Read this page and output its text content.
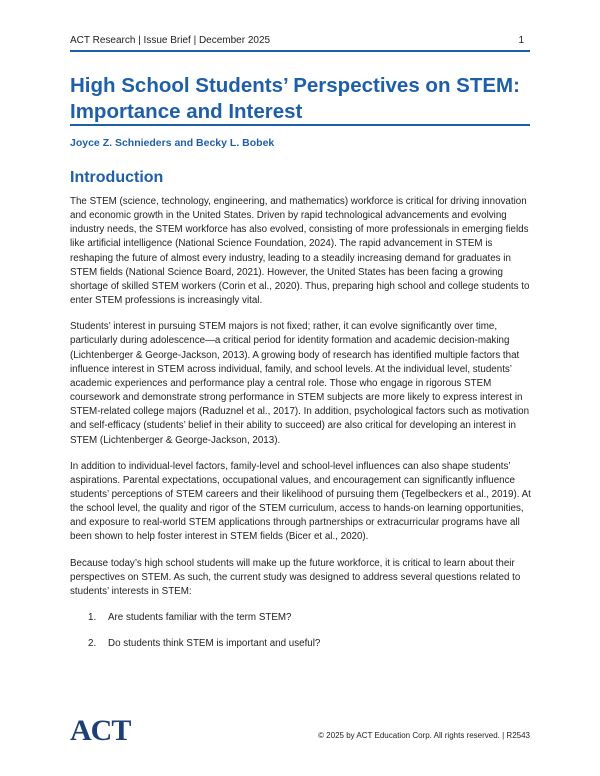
ACT Research | Issue Brief | December 2025	1
High School Students’ Perspectives on STEM:
Importance and Interest

Joyce Z. Schnieders and Becky L. Bobek

Introduction

The STEM (science, technology, engineering, and mathematics) workforce is critical for driving innovation and economic growth in the United States. Driven by rapid technological advancements and evolving industry needs, the STEM workforce has also evolved, consisting of more professionals in emerging fields like artificial intelligence (National Science Foundation, 2024). The rapid advancement in STEM is reshaping the future of almost every industry, leading to a steadily increasing demand for graduates in STEM fields (National Science Board, 2021). However, the United States has been facing a growing shortage of skilled STEM workers (Corin et al., 2020). Thus, preparing high school and college students to enter STEM professions is increasingly vital.

Students’ interest in pursuing STEM majors is not fixed; rather, it can evolve significantly over time, particularly during adolescence—a critical period for identity formation and academic decision-making (Lichtenberger & George-Jackson, 2013). A growing body of research has identified multiple factors that influence interest in STEM across individual, family, and school levels. At the individual level, students’ academic experiences and performance play a central role. Those who engage in rigorous STEM coursework and demonstrate strong performance in STEM subjects are more likely to express interest in STEM-related college majors (Raduznel et al., 2017). In addition, psychological factors such as motivation and self-efficacy (students’ belief in their ability to succeed) are also critical for developing an interest in STEM (Lichtenberger & George-Jackson, 2013).

In addition to individual-level factors, family-level and school-level influences can also shape students’ aspirations. Parental expectations, occupational values, and encouragement can significantly influence students’ perceptions of STEM careers and their likelihood of pursuing them (Tegelbeckers et al., 2019). At the school level, the quality and rigor of the STEM curriculum, access to hands-on learning opportunities, and exposure to real-world STEM applications through partnerships or extracurricular programs have all been shown to help foster interest in STEM fields (Bicer et al., 2020).

Because today’s high school students will make up the future workforce, it is critical to learn about their perspectives on STEM. As such, the current study was designed to address several questions related to students’ interests in STEM:

1.	Are students familiar with the term STEM?
2.	Do students think STEM is important and useful?
ACT	© 2025 by ACT Education Corp. All rights reserved. | R2543
